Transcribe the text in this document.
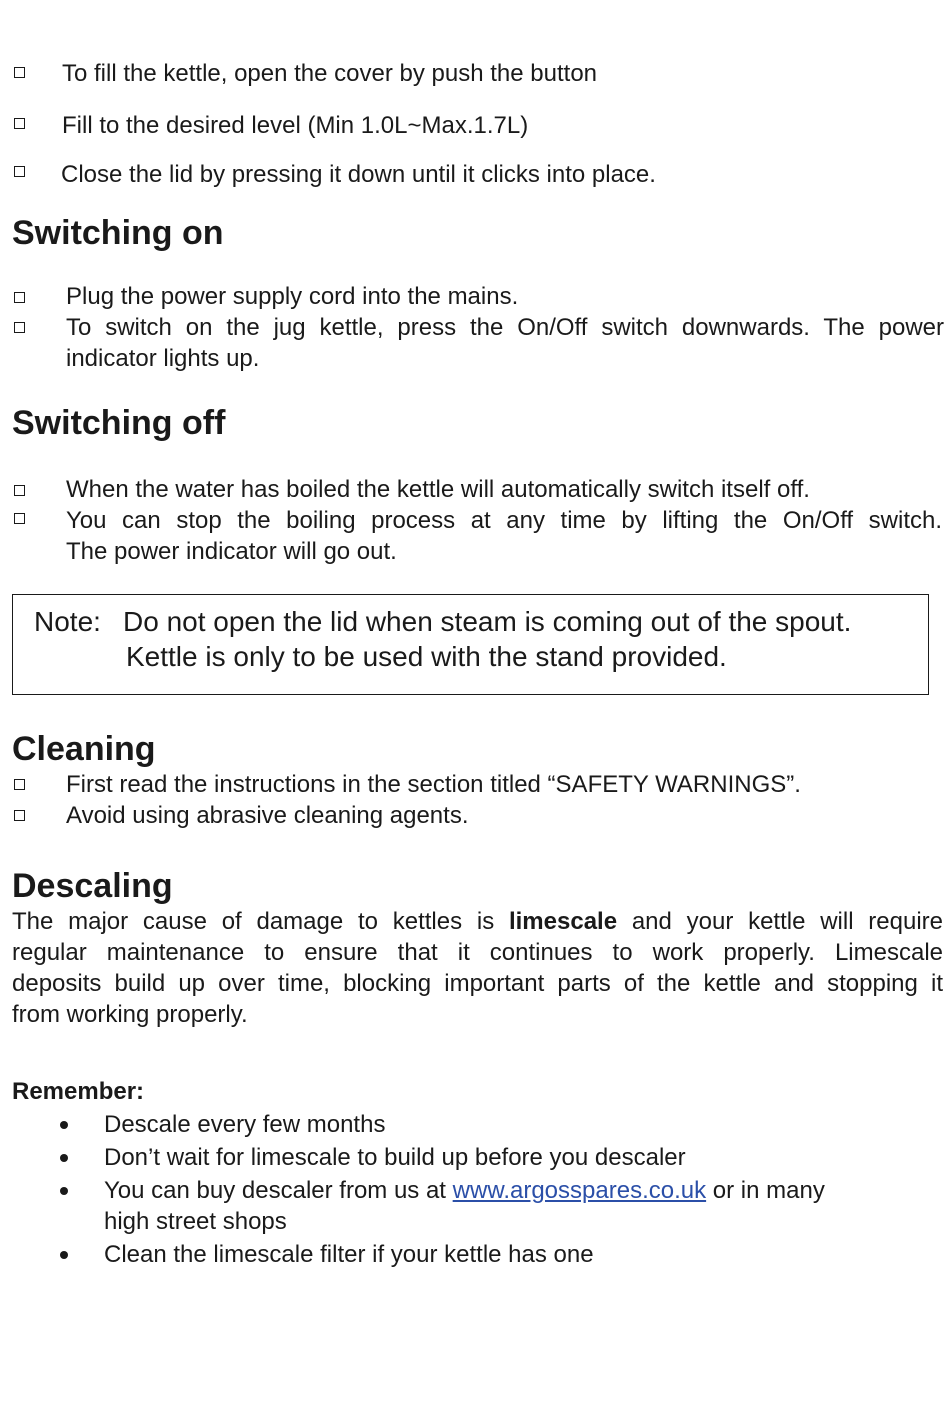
To fill the kettle, open the cover by push the button
Fill to the desired level (Min 1.0L~Max.1.7L)
Close the lid by pressing it down until it clicks into place.
Switching on
Plug the power supply cord into the mains.
To switch on the jug kettle, press the On/Off switch downwards. The power
indicator lights up.
Switching off
When the water has boiled the kettle will automatically switch itself off.
You can stop the boiling process at any time by lifting the On/Off switch.
The power indicator will go out.
Note: Do not open the lid when steam is coming out of the spout.
Kettle is only to be used with the stand provided.
Cleaning
First read the instructions in the section titled “SAFETY WARNINGS”.
Avoid using abrasive cleaning agents.
Descaling
The major cause of damage to kettles is limescale and your kettle will require
regular maintenance to ensure that it continues to work properly. Limescale
deposits build up over time, blocking important parts of the kettle and stopping it
from working properly.
Remember:
Descale every few months
Don’t wait for limescale to build up before you descaler
You can buy descaler from us at www.argosspares.co.uk or in many
high street shops
Clean the limescale filter if your kettle has one
